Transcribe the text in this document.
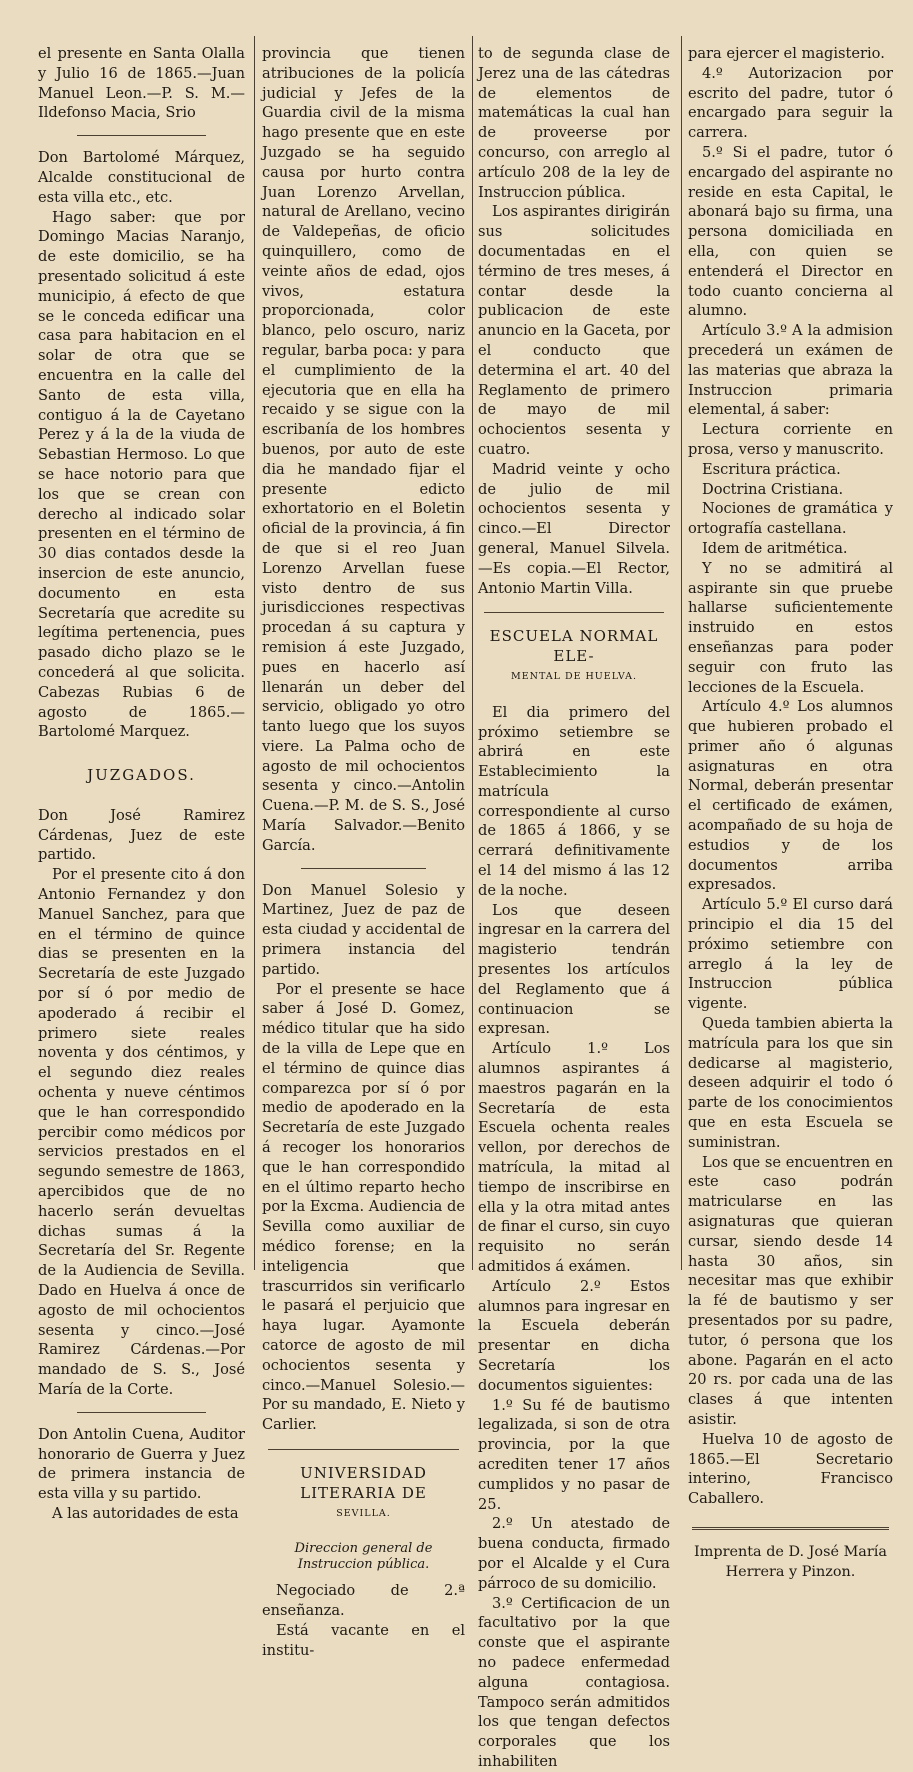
el presente en Santa Olalla y Julio 16 de 1865.—Juan Manuel Leon.—P. S. M.—Ildefonso Macia, Srio

Don Bartolomé Márquez, Alcalde constitucional de esta villa etc., etc.

Hago saber: que por Domingo Macias Naranjo, de este domicilio, se ha presentado solicitud á este municipio, á efecto de que se le conceda edificar una casa para habitacion en el solar de otra que se encuentra en la calle del Santo de esta villa, contiguo á la de Cayetano Perez y á la de la viuda de Sebastian Hermoso. Lo que se hace notorio para que los que se crean con derecho al indicado solar presenten en el término de 30 dias contados desde la insercion de este anuncio, documento en esta Secretaría que acredite su legítima pertenencia, pues pasado dicho plazo se le concederá al que solicita. Cabezas Rubias 6 de agosto de 1865.—Bartolomé Marquez.

JUZGADOS.

Don José Ramirez Cárdenas, Juez de este partido.

Por el presente cito á don Antonio Fernandez y don Manuel Sanchez, para que en el término de quince dias se presenten en la Secretaría de este Juzgado por sí ó por medio de apoderado á recibir el primero siete reales noventa y dos céntimos, y el segundo diez reales ochenta y nueve céntimos que le han correspondido percibir como médicos por servicios prestados en el segundo semestre de 1863, apercibidos que de no hacerlo serán devueltas dichas sumas á la Secretaría del Sr. Regente de la Audiencia de Sevilla. Dado en Huelva á once de agosto de mil ochocientos sesenta y cinco.—José Ramirez Cárdenas.—Por mandado de S. S., José María de la Corte.

Don Antolin Cuena, Auditor honorario de Guerra y Juez de primera instancia de esta villa y su partido.

A las autoridades de esta

provincia que tienen atribuciones de la policía judicial y Jefes de la Guardia civil de la misma hago presente que en este Juzgado se ha seguido causa por hurto contra Juan Lorenzo Arvellan, natural de Arellano, vecino de Valdepeñas, de oficio quinquillero, como de veinte años de edad, ojos vivos, estatura proporcionada, color blanco, pelo oscuro, nariz regular, barba poca: y para el cumplimiento de la ejecutoria que en ella ha recaido y se sigue con la escribanía de los hombres buenos, por auto de este dia he mandado fijar el presente edicto exhortatorio en el Boletin oficial de la provincia, á fin de que si el reo Juan Lorenzo Arvellan fuese visto dentro de sus jurisdicciones respectivas procedan á su captura y remision á este Juzgado, pues en hacerlo así llenarán un deber del servicio, obligado yo otro tanto luego que los suyos viere. La Palma ocho de agosto de mil ochocientos sesenta y cinco.—Antolin Cuena.—P. M. de S. S., José María Salvador.—Benito García.

Don Manuel Solesio y Martinez, Juez de paz de esta ciudad y accidental de primera instancia del partido.

Por el presente se hace saber á José D. Gomez, médico titular que ha sido de la villa de Lepe que en el término de quince dias comparezca por sí ó por medio de apoderado en la Secretaría de este Juzgado á recoger los honorarios que le han correspondido en el último reparto hecho por la Excma. Audiencia de Sevilla como auxiliar de médico forense; en la inteligencia que trascurridos sin verificarlo le pasará el perjuicio que haya lugar. Ayamonte catorce de agosto de mil ochocientos sesenta y cinco.—Manuel Solesio.—Por su mandado, E. Nieto y Carlier.

UNIVERSIDAD LITERARIA DE
SEVILLA.
Direccion general de Instruccion pública.

Negociado de 2.ª enseñanza.

Está vacante en el institu-

to de segunda clase de Jerez una de las cátedras de elementos de matemáticas la cual han de proveerse por concurso, con arreglo al artículo 208 de la ley de Instruccion pública.

Los aspirantes dirigirán sus solicitudes documentadas en el término de tres meses, á contar desde la publicacion de este anuncio en la Gaceta, por el conducto que determina el art. 40 del Reglamento de primero de mayo de mil ochocientos sesenta y cuatro.

Madrid veinte y ocho de julio de mil ochocientos sesenta y cinco.—El Director general, Manuel Silvela.—Es copia.—El Rector, Antonio Martin Villa.

ESCUELA NORMAL ELE-
MENTAL DE HUELVA.

El dia primero del próximo setiembre se abrirá en este Establecimiento la matrícula correspondiente al curso de 1865 á 1866, y se cerrará definitivamente el 14 del mismo á las 12 de la noche.

Los que deseen ingresar en la carrera del magisterio tendrán presentes los artículos del Reglamento que á continuacion se expresan.

Artículo 1.º Los alumnos aspirantes á maestros pagarán en la Secretaría de esta Escuela ochenta reales vellon, por derechos de matrícula, la mitad al tiempo de inscribirse en ella y la otra mitad antes de finar el curso, sin cuyo requisito no serán admitidos á exámen.

Artículo 2.º Estos alumnos para ingresar en la Escuela deberán presentar en dicha Secretaría los documentos siguientes:

1.º Su fé de bautismo legalizada, si son de otra provincia, por la que acrediten tener 17 años cumplidos y no pasar de 25.

2.º Un atestado de buena conducta, firmado por el Alcalde y el Cura párroco de su domicilio.

3.º Certificacion de un facultativo por la que conste que el aspirante no padece enfermedad alguna contagiosa. Tampoco serán admitidos los que tengan defectos corporales que los inhabiliten

para ejercer el magisterio.

4.º Autorizacion por escrito del padre, tutor ó encargado para seguir la carrera.

5.º Si el padre, tutor ó encargado del aspirante no reside en esta Capital, le abonará bajo su firma, una persona domiciliada en ella, con quien se entenderá el Director en todo cuanto concierna al alumno.

Artículo 3.º A la admision precederá un exámen de las materias que abraza la Instruccion primaria elemental, á saber:

Lectura corriente en prosa, verso y manuscrito.

Escritura práctica.

Doctrina Cristiana.

Nociones de gramática y ortografía castellana.

Idem de aritmética.

Y no se admitirá al aspirante sin que pruebe hallarse suficientemente instruido en estos enseñanzas para poder seguir con fruto las lecciones de la Escuela.

Artículo 4.º Los alumnos que hubieren probado el primer año ó algunas asignaturas en otra Normal, deberán presentar el certificado de exámen, acompañado de su hoja de estudios y de los documentos arriba expresados.

Artículo 5.º El curso dará principio el dia 15 del próximo setiembre con arreglo á la ley de Instruccion pública vigente.

Queda tambien abierta la matrícula para los que sin dedicarse al magisterio, deseen adquirir el todo ó parte de los conocimientos que en esta Escuela se suministran.

Los que se encuentren en este caso podrán matricularse en las asignaturas que quieran cursar, siendo desde 14 hasta 30 años, sin necesitar mas que exhibir la fé de bautismo y ser presentados por su padre, tutor, ó persona que los abone. Pagarán en el acto 20 rs. por cada una de las clases á que intenten asistir.

Huelva 10 de agosto de 1865.—El Secretario interino, Francisco Caballero.

Imprenta de D. José María
Herrera y Pinzon.
